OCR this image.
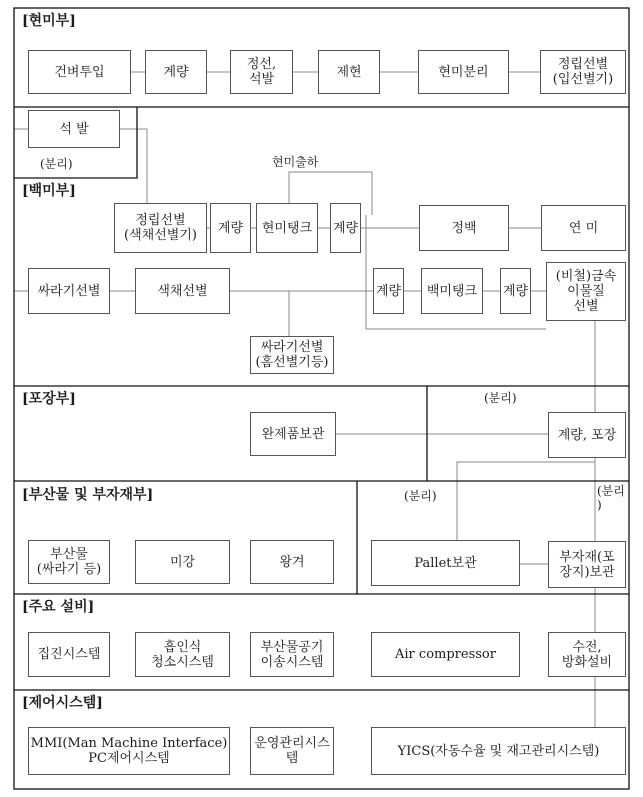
[현미부]
[백미부]
[포장부]
[부산물 및 부자재부]
[주요 설비]
[제어시스템]
건벼투입	계량	정선,
석발	제현	현미분리	정립선별
(입선별기)
석 발
(분리)	현미출하
정립선별
(색채선별기)	계량	현미탱크	계량	정백	연 미
싸라기선별	색채선별	계량	백미탱크	계량
(비철)금속
이물질
선별
싸라기선별
(홈선별기등)
(분리)
완제품보관	계량, 포장
(분리)	(분리
)
부산물
(싸라기 등)	미강	왕겨	Pallet보관	부자재(포
장지)보관
집진시스템	흡인식
청소시스템
부산물공기
이송시스템	Air compressor	수전,
방화설비
MMI(Man Machine Interface)
PC제어시스템
운영관리시스
템	YICS(자동수율 및 재고관리시스템)
